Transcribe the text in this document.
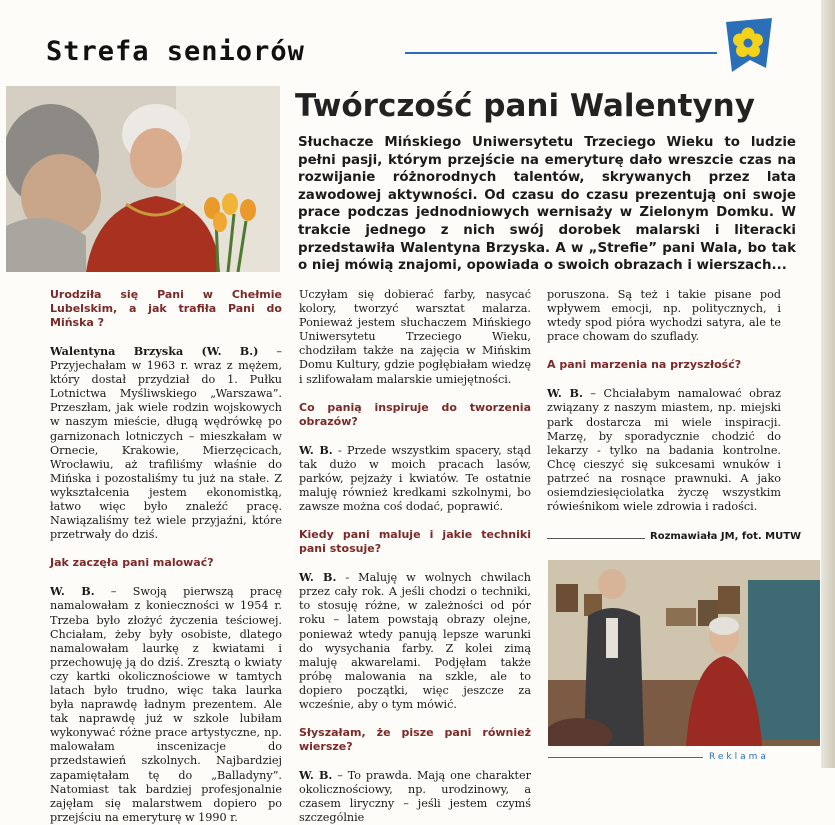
Strefa seniorów
Twórczość pani Walentyny
Słuchacze Mińskiego Uniwersytetu Trzeciego Wieku to ludzie pełni pasji, którym przejście na emeryturę dało wreszcie czas na rozwijanie różnorodnych talentów, skrywanych przez lata zawodowej aktywności. Od czasu do czasu prezentują oni swoje prace podczas jednodniowych wernisaży w Zielonym Domku. W trakcie jednego z nich swój dorobek malarski i literacki przedstawiła Walentyna Brzyska. A w „Strefie” pani Wala, bo tak o niej mówią znajomi, opowiada o swoich obrazach i wierszach...
Urodziła się Pani w Chełmie Lubelskim, a jak trafiła Pani do Mińska ?

Walentyna Brzyska (W. B.) – Przyjechałam w 1963 r. wraz z mężem, który dostał przydział do 1. Pułku Lotnictwa Myśliwskiego „Warszawa”. Przeszłam, jak wiele rodzin wojskowych w naszym mieście, długą wędrówkę po garnizonach lotniczych – mieszkałam w Ornecie, Krakowie, Mierzęcicach, Wrocławiu, aż trafiliśmy właśnie do Mińska i pozostaliśmy tu już na stałe. Z wykształcenia jestem ekonomistką, łatwo więc było znaleźć pracę. Nawiązaliśmy też wiele przyjaźni, które przetrwały do dziś.

Jak zaczęła pani malować?

W. B. – Swoją pierwszą pracę namalowałam z konieczności w 1954 r. Trzeba było złożyć życzenia teściowej. Chciałam, żeby były osobiste, dlatego namalowałam laurkę z kwiatami i przechowuję ją do dziś. Zresztą o kwiaty czy kartki okolicznościowe w tamtych latach było trudno, więc taka laurka była naprawdę ładnym prezentem. Ale tak naprawdę już w szkole lubiłam wykonywać różne prace artystyczne, np. malowałam inscenizacje do przedstawień szkolnych. Najbardziej zapamiętałam tę do „Balladyny”. Natomiast tak bardziej profesjonalnie zajęłam się malarstwem dopiero po przejściu na emeryturę w 1990 r.

Uczyłam się dobierać farby, nasycać kolory, tworzyć warsztat malarza. Ponieważ jestem słuchaczem Mińskiego Uniwersytetu Trzeciego Wieku, chodziłam także na zajęcia w Mińskim Domu Kultury, gdzie pogłębiałam wiedzę i szlifowałam malarskie umiejętności.

Co panią inspiruje do tworzenia obrazów?

W. B. - Przede wszystkim spacery, stąd tak dużo w moich pracach lasów, parków, pejzaży i kwiatów. Te ostatnie maluję również kredkami szkolnymi, bo zawsze można coś dodać, poprawić.

Kiedy pani maluje i jakie techniki pani stosuje?

W. B. - Maluję w wolnych chwilach przez cały rok. A jeśli chodzi o techniki, to stosuję różne, w zależności od pór roku – latem powstają obrazy olejne, ponieważ wtedy panują lepsze warunki do wysychania farby. Z kolei zimą maluję akwarelami. Podjęłam także próbę malowania na szkle, ale to dopiero początki, więc jeszcze za wcześnie, aby o tym mówić.

Słyszałam, że pisze pani również wiersze?

W. B. – To prawda. Mają one charakter okolicznościowy, np. urodzinowy, a czasem liryczny – jeśli jestem czymś szczególnie

poruszona. Są też i takie pisane pod wpływem emocji, np. politycznych, i wtedy spod pióra wychodzi satyra, ale te prace chowam do szuflady.

A pani marzenia na przyszłość?

W. B. – Chciałabym namalować obraz związany z naszym miastem, np. miejski park dostarcza mi wiele inspiracji. Marzę, by sporadycznie chodzić do lekarzy - tylko na badania kontrolne. Chcę cieszyć się sukcesami wnuków i patrzeć na rosnące prawnuki. A jako osiemdziesięciolatka życzę wszystkim rówieśnikom wiele zdrowia i radości.

Rozmawiała JM, fot. MUTW
Reklama
